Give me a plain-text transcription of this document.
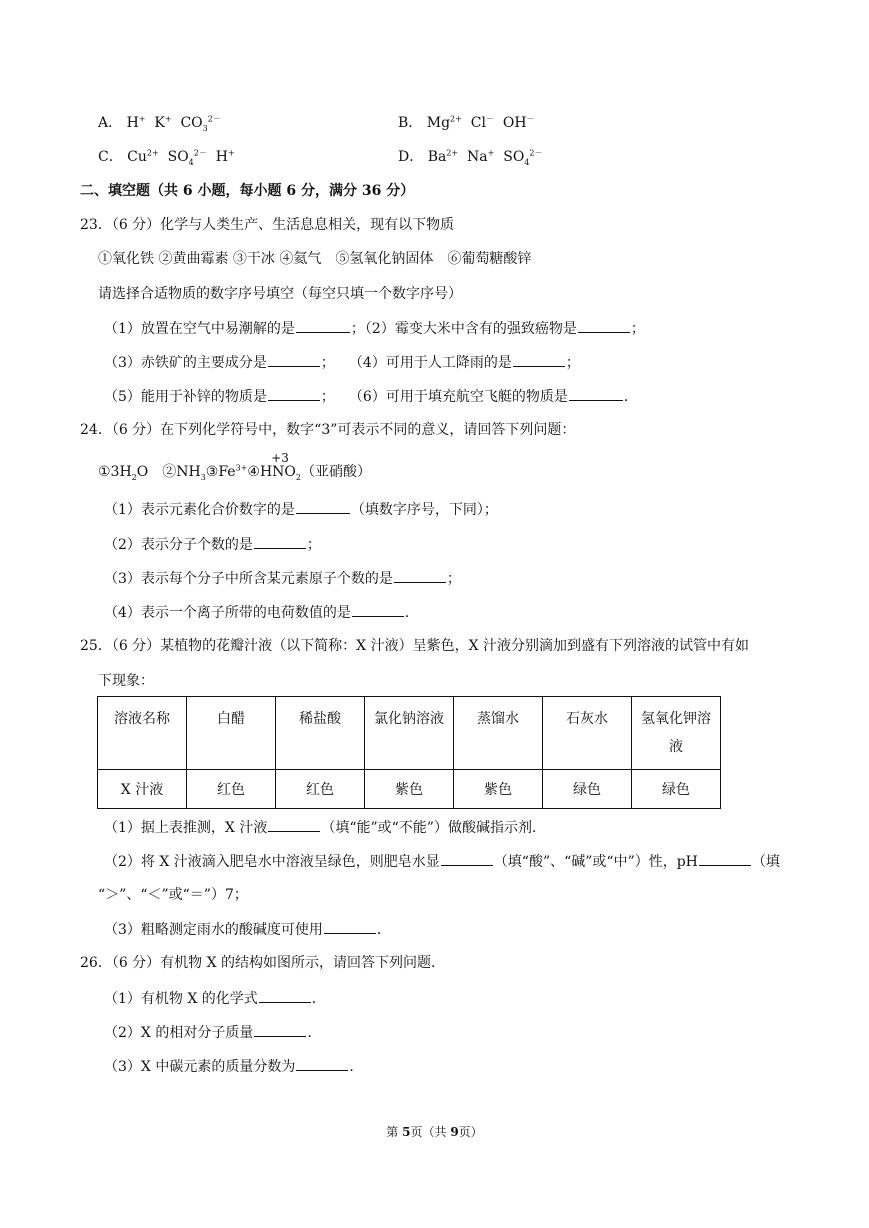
A． H+  K+  $CO_3^{2-}$	B． $Mg^{2+}$  Cl－  OH－
C． $Cu^{2+}$  $SO_4^{2-}$  H+	D． $Ba^{2+}$  Na+  $SO_4^{2-}$
二、填空题（共 6 小题，每小题 6 分，满分 36 分）
23．（6 分）化学与人类生产、生活息息相关，现有以下物质
①氧化铁 ②黄曲霉素 ③干冰 ④氦气　⑤氢氧化钠固体　⑥葡萄糖酸锌
请选择合适物质的数字序号填空（每空只填一个数字序号）
（1）放置在空气中易潮解的是	；（2）霉变大米中含有的强致癌物是	；
（3）赤铁矿的主要成分是	；　　（4）可用于人工降雨的是	；
（5）能用于补锌的物质是	；　　（6）可用于填充航空飞艇的物质是	．
24．（6 分）在下列化学符号中，数字“3”可表示不同的意义，请回答下列问题：
$①3H_2O$　$②NH_3③Fe^{3+}④H$
+3
$NO_2$（亚硝酸）
（1）表示元素化合价数字的是	（填数字序号，下同）；
（2）表示分子个数的是	；
（3）表示每个分子中所含某元素原子个数的是	；
（4）表示一个离子所带的电荷数值的是	．
25．（6 分）某植物的花瓣汁液（以下简称：X 汁液）呈紫色，X 汁液分别滴加到盛有下列溶液的试管中有如
下现象：
溶液名称	白醋	稀盐酸	氯化钠溶液	蒸馏水	石灰水	氢氧化钾溶液

X 汁液	红色	红色	紫色	紫色	绿色	绿色
（1）据上表推测，X 汁液	（填“能”或“不能”）做酸碱指示剂．
（2）将 X 汁液滴入肥皂水中溶液呈绿色，则肥皂水显	（填“酸”、“碱”或“中”）性，pH	（填
“＞”、“＜”或“＝”）7；
（3）粗略测定雨水的酸碱度可使用	．
26．（6 分）有机物 X 的结构如图所示，请回答下列问题．
（1）有机物 X 的化学式	．
（2）X 的相对分子质量	．
（3）X 中碳元素的质量分数为	．
第 5页（共 9页）
